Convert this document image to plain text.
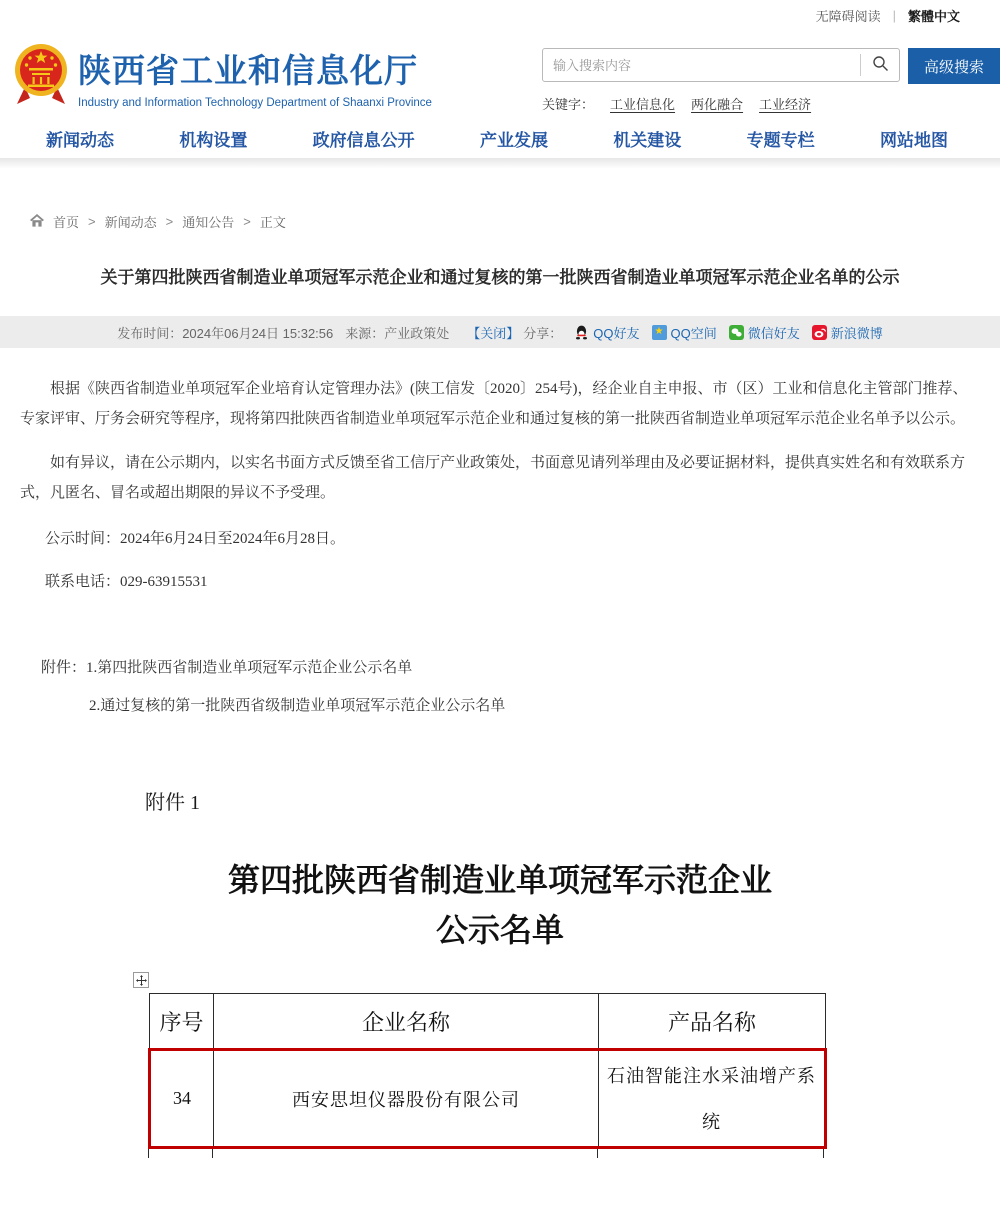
无障碍阅读 | 繁體中文
陕西省工业和信息化厅
Industry and Information Technology Department of Shaanxi Province
输入搜索内容
高级搜索
关键字： 工业信息化 两化融合 工业经济
新闻动态	机构设置	政府信息公开	产业发展	机关建设	专题专栏	网站地图
首页 > 新闻动态 > 通知公告 > 正文
关于第四批陕西省制造业单项冠军示范企业和通过复核的第一批陕西省制造业单项冠军示范企业名单的公示
发布时间：2024年06月24日 15:32:56 来源：产业政策处 【关闭】 分享： QQ好友	★ QQ空间 微信好友 新浪微博

根据《陕西省制造业单项冠军企业培育认定管理办法》(陕工信发〔2020〕254号)，经企业自主申报、市（区）工业和信息化主管部门推荐、专家评审、厅务会研究等程序，现将第四批陕西省制造业单项冠军示范企业和通过复核的第一批陕西省制造业单项冠军示范企业名单予以公示。

如有异议，请在公示期内，以实名书面方式反馈至省工信厅产业政策处，书面意见请列举理由及必要证据材料，提供真实姓名和有效联系方式，凡匿名、冒名或超出期限的异议不予受理。

公示时间：2024年6月24日至2024年6月28日。
联系电话：029-63915531
附件：1.第四批陕西省制造业单项冠军示范企业公示名单
2.通过复核的第一批陕西省级制造业单项冠军示范企业公示名单
附件 1
第四批陕西省制造业单项冠军示范企业
公示名单
序号	企业名称	产品名称
34	西安思坦仪器股份有限公司	石油智能注水采油增产系统
